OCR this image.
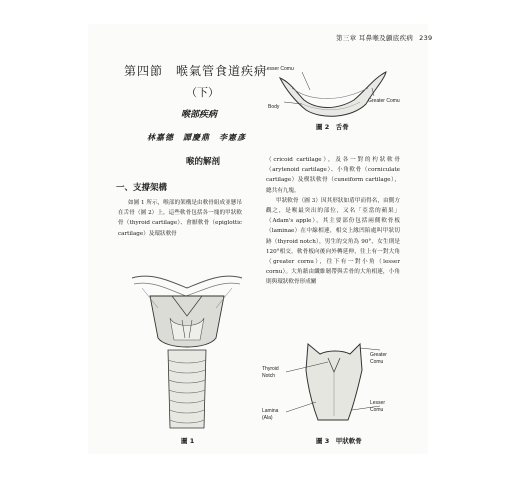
第三章 耳鼻喉及顱底疾病 239
第四節　喉氣管食道疾病
（下）
喉部疾病
林嘉德　譚慶鼎　李憲彥
喉的解剖
一、支撐架構

如圖 1 所示，喉部的架構是由軟骨組成並懸吊在舌骨（圖 2）上，這些軟骨包括各一塊的甲狀軟骨（thyroid cartilage）、會厭軟骨（epiglottic cartilage）及環狀軟骨

Lesser Comu
Body
Greater Comu
圖 2　舌骨

（cricoid cartilage），及各一對的杓狀軟骨（arytenoid cartilage）、小角軟骨（corniculate cartilage）及楔狀軟骨（cuneiform cartilage），總共有九塊。

甲狀軟骨（圖 3）因其形狀如盾甲而得名，由側方觀之，是喉最突出的部位，又名「亞當的蘋果」（Adam's apple），其主要部份包括兩側軟骨板（laminae）在中線相連，相交上緣凹陷處叫甲狀切跡（thyroid notch），男生的交角為 90°，女生則是 120°相交。軟骨板向後向外轉延伸，往上有一對大角（greater cornu），往下有一對小角（lesser cornu）。大角藉由纖維韌帶與舌骨的大角相連，小角則與環狀軟骨形成關

圖 1
Thyroid
Notch
Lamina
(Ala)
Greater
Comu
Lesser
Comu
圖 3　甲狀軟骨
